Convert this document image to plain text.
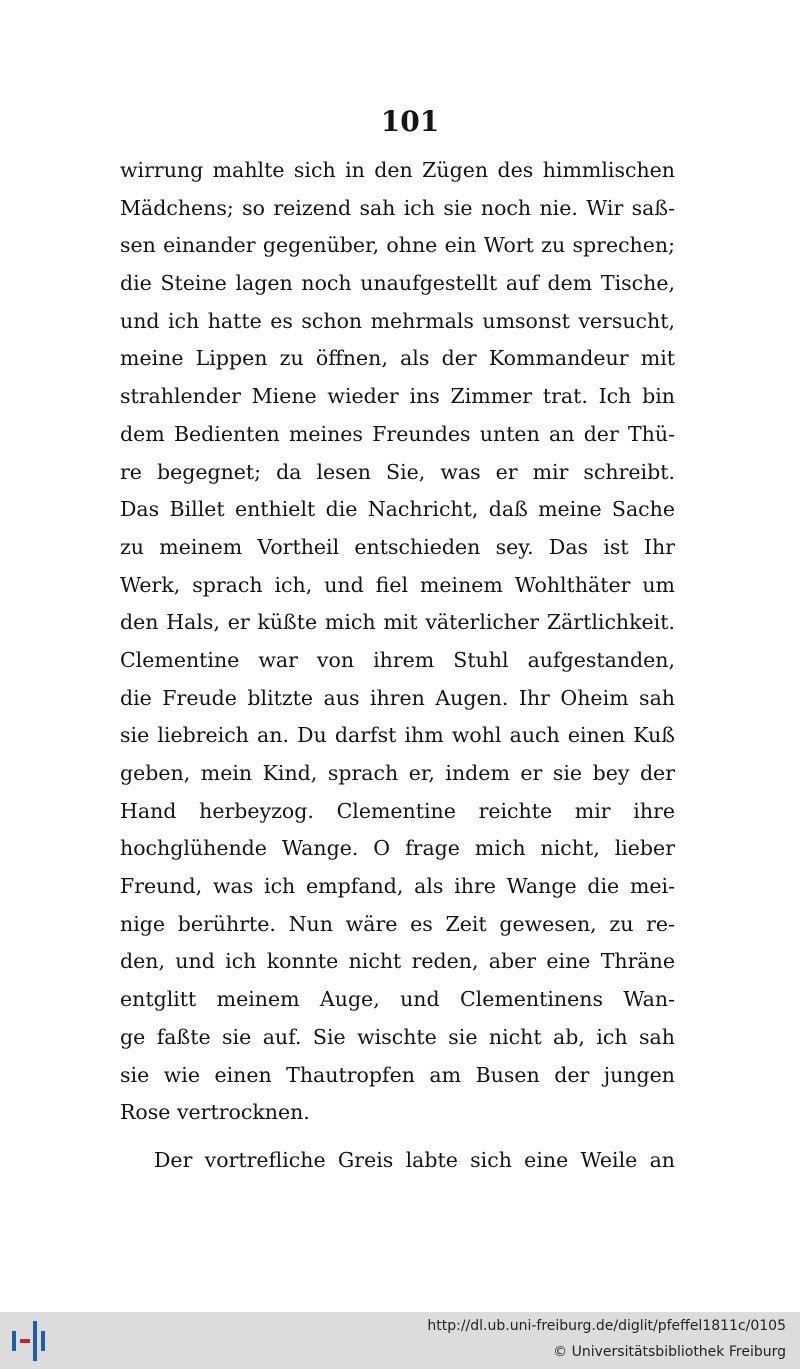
101
wirrung mahlte sich in den Zügen des himmlischen
Mädchens; so reizend sah ich sie noch nie. Wir saß-
sen einander gegenüber, ohne ein Wort zu sprechen;
die Steine lagen noch unaufgestellt auf dem Tische,
und ich hatte es schon mehrmals umsonst versucht,
meine Lippen zu öffnen, als der Kommandeur mit
strahlender Miene wieder ins Zimmer trat. Ich bin
dem Bedienten meines Freundes unten an der Thü-
re begegnet; da lesen Sie, was er mir schreibt.
Das Billet enthielt die Nachricht, daß meine Sache
zu meinem Vortheil entschieden sey. Das ist Ihr
Werk, sprach ich, und fiel meinem Wohlthäter um
den Hals, er küßte mich mit väterlicher Zärtlichkeit.
Clementine war von ihrem Stuhl aufgestanden,
die Freude blitzte aus ihren Augen. Ihr Oheim sah
sie liebreich an. Du darfst ihm wohl auch einen Kuß
geben, mein Kind, sprach er, indem er sie bey der
Hand herbeyzog. Clementine reichte mir ihre
hochglühende Wange. O frage mich nicht, lieber
Freund, was ich empfand, als ihre Wange die mei-
nige berührte. Nun wäre es Zeit gewesen, zu re-
den, und ich konnte nicht reden, aber eine Thräne
entglitt meinem Auge, und Clementinens Wan-
ge faßte sie auf. Sie wischte sie nicht ab, ich sah
sie wie einen Thautropfen am Busen der jungen
Rose vertrocknen.
Der vortrefliche Greis labte sich eine Weile an
http://dl.ub.uni-freiburg.de/diglit/pfeffel1811c/0105
© Universitätsbibliothek Freiburg
